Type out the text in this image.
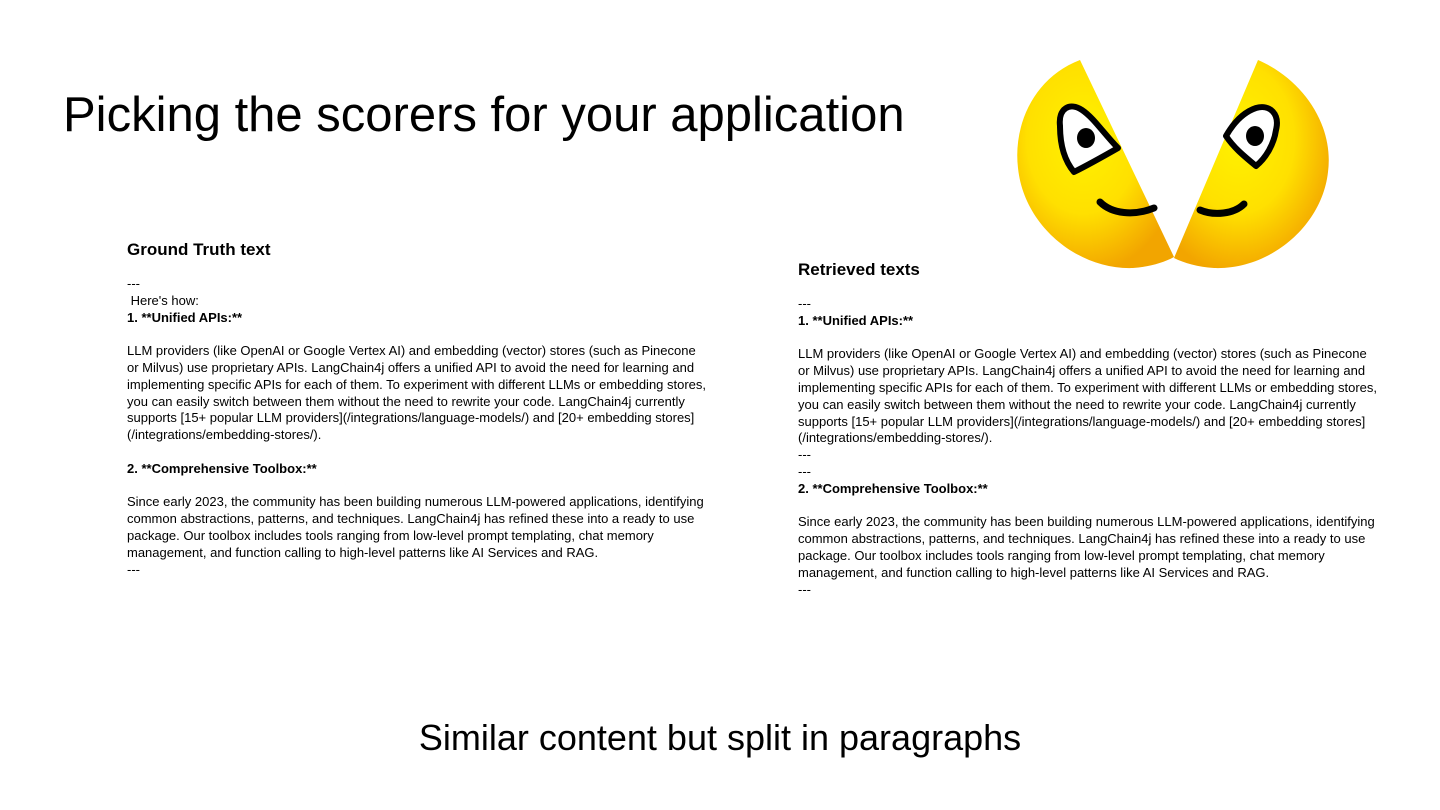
Picking the scorers for your application
Ground Truth text
---
Here's how:
1. **Unified APIs:**

LLM providers (like OpenAI or Google Vertex AI) and embedding (vector) stores (such as Pinecone or Milvus) use proprietary APIs. LangChain4j offers a unified API to avoid the need for learning and implementing specific APIs for each of them. To experiment with different LLMs or embedding stores, you can easily switch between them without the need to rewrite your code. LangChain4j currently supports [15+ popular LLM providers](/integrations/language-models/) and [20+ embedding stores](/integrations/embedding-stores/).

2. **Comprehensive Toolbox:**

Since early 2023, the community has been building numerous LLM-powered applications, identifying common abstractions, patterns, and techniques. LangChain4j has refined these into a ready to use package. Our toolbox includes tools ranging from low-level prompt templating, chat memory management, and function calling to high-level patterns like AI Services and RAG.

---
Retrieved texts
---
1. **Unified APIs:**

LLM providers (like OpenAI or Google Vertex AI) and embedding (vector) stores (such as Pinecone or Milvus) use proprietary APIs. LangChain4j offers a unified API to avoid the need for learning and implementing specific APIs for each of them. To experiment with different LLMs or embedding stores, you can easily switch between them without the need to rewrite your code. LangChain4j currently supports [15+ popular LLM providers](/integrations/language-models/) and [20+ embedding stores](/integrations/embedding-stores/).

---
---
2. **Comprehensive Toolbox:**

Since early 2023, the community has been building numerous LLM-powered applications, identifying common abstractions, patterns, and techniques. LangChain4j has refined these into a ready to use package. Our toolbox includes tools ranging from low-level prompt templating, chat memory management, and function calling to high-level patterns like AI Services and RAG.

---
Similar content but split in paragraphs
